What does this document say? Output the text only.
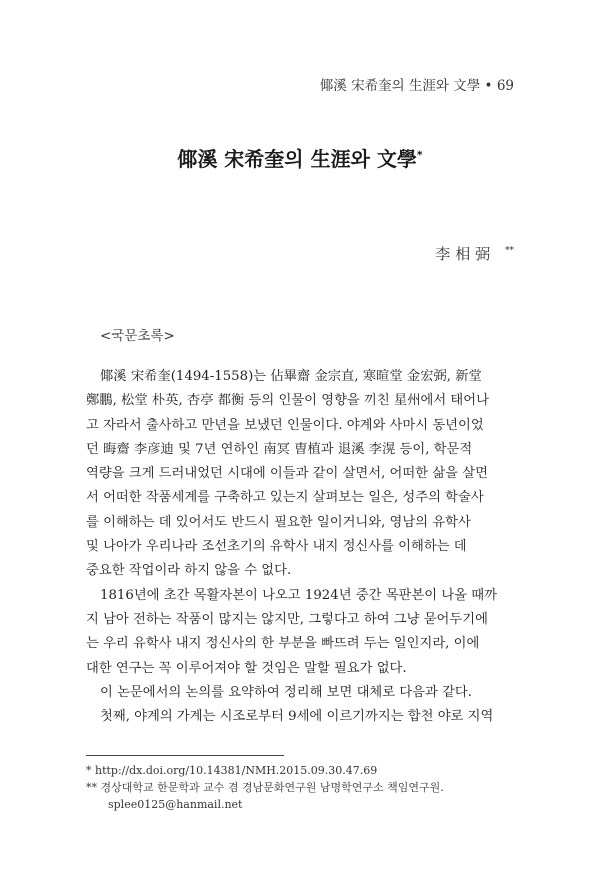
倻溪 宋希奎의 生涯와 文學 • 69
倻溪 宋希奎의 生涯와 文學*
李相弼 **
<국문초록>
倻溪 宋希奎(1494-1558)는 佔畢齋 金宗直, 寒暄堂 金宏弼, 新堂
鄭鵬, 松堂 朴英, 杏亭 都衡 등의 인물이 영향을 끼친 星州에서 태어나
고 자라서 출사하고 만년을 보냈던 인물이다. 야계와 사마시 동년이었
던 晦齋 李彦迪 및 7년 연하인 南冥 曺植과 退溪 李滉 등이, 학문적
역량을 크게 드러내었던 시대에 이들과 같이 살면서, 어떠한 삶을 살면
서 어떠한 작품세계를 구축하고 있는지 살펴보는 일은, 성주의 학술사
를 이해하는 데 있어서도 반드시 필요한 일이거니와, 영남의 유학사
및 나아가 우리나라 조선초기의 유학사 내지 정신사를 이해하는 데
중요한 작업이라 하지 않을 수 없다.
1816년에 초간 목활자본이 나오고 1924년 중간 목판본이 나올 때까
지 남아 전하는 작품이 많지는 않지만, 그렇다고 하여 그냥 묻어두기에
는 우리 유학사 내지 정신사의 한 부분을 빠뜨려 두는 일인지라, 이에
대한 연구는 꼭 이루어져야 할 것임은 말할 필요가 없다.
이 논문에서의 논의를 요약하여 정리해 보면 대체로 다음과 같다.
첫째, 야계의 가계는 시조로부터 9세에 이르기까지는 합천 야로 지역
* http://dx.doi.org/10.14381/NMH.2015.09.30.47.69
** 경상대학교 한문학과 교수 겸 경남문화연구원 남명학연구소 책임연구원.
splee0125@hanmail.net
